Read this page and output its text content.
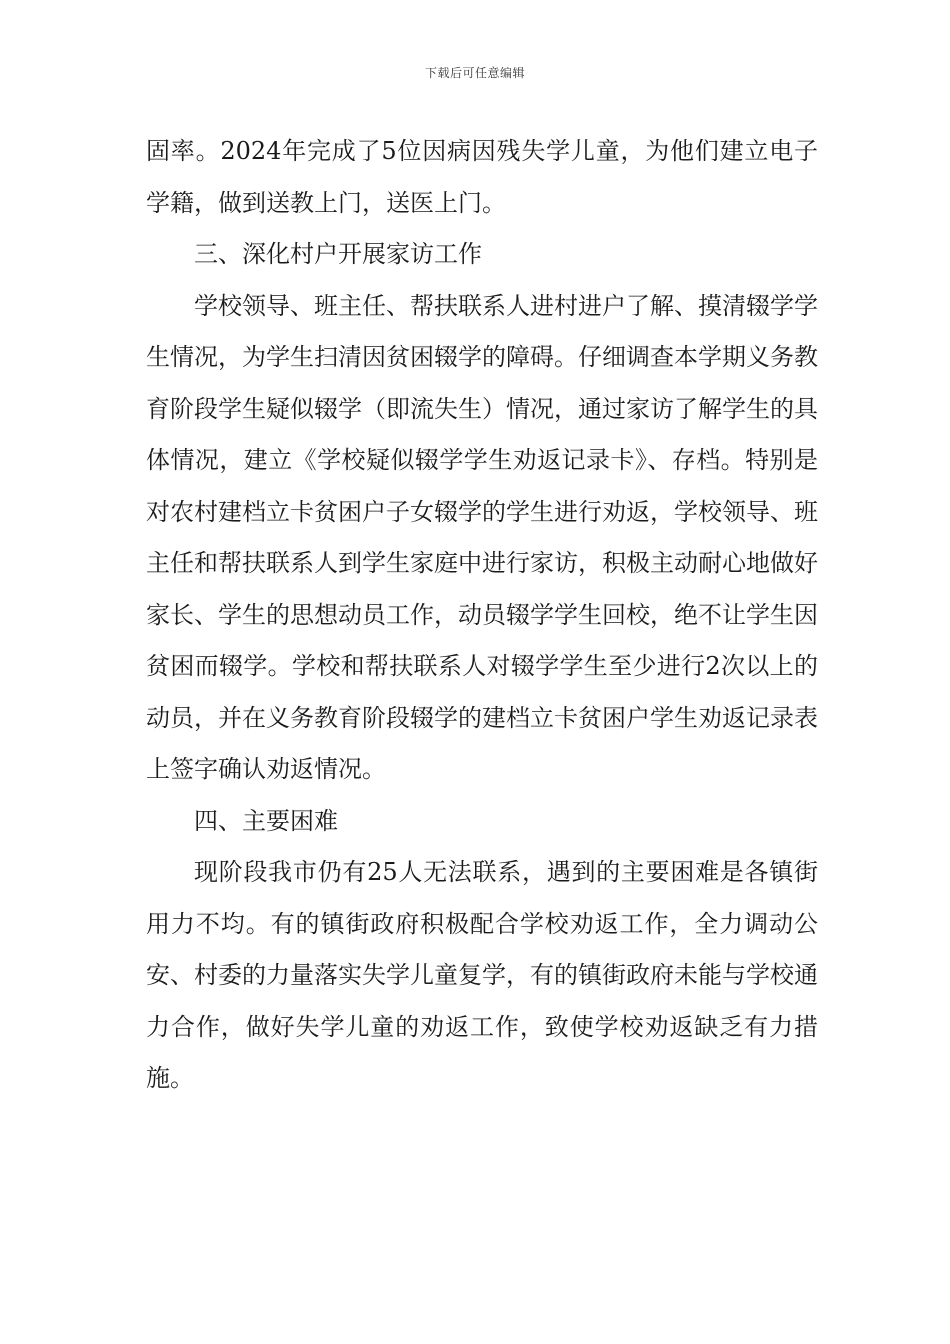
下载后可任意编辑

固率。2024年完成了5位因病因残失学儿童，为他们建立电子学籍，做到送教上门，送医上门。

三、深化村户开展家访工作

学校领导、班主任、帮扶联系人进村进户了解、摸清辍学学生情况，为学生扫清因贫困辍学的障碍。仔细调查本学期义务教育阶段学生疑似辍学（即流失生）情况，通过家访了解学生的具体情况，建立《学校疑似辍学学生劝返记录卡》、存档。特别是对农村建档立卡贫困户子女辍学的学生进行劝返，学校领导、班主任和帮扶联系人到学生家庭中进行家访，积极主动耐心地做好家长、学生的思想动员工作，动员辍学学生回校，绝不让学生因贫困而辍学。学校和帮扶联系人对辍学学生至少进行2次以上的动员，并在义务教育阶段辍学的建档立卡贫困户学生劝返记录表上签字确认劝返情况。

四、主要困难

现阶段我市仍有25人无法联系，遇到的主要困难是各镇街用力不均。有的镇街政府积极配合学校劝返工作，全力调动公安、村委的力量落实失学儿童复学，有的镇街政府未能与学校通力合作，做好失学儿童的劝返工作，致使学校劝返缺乏有力措施。
